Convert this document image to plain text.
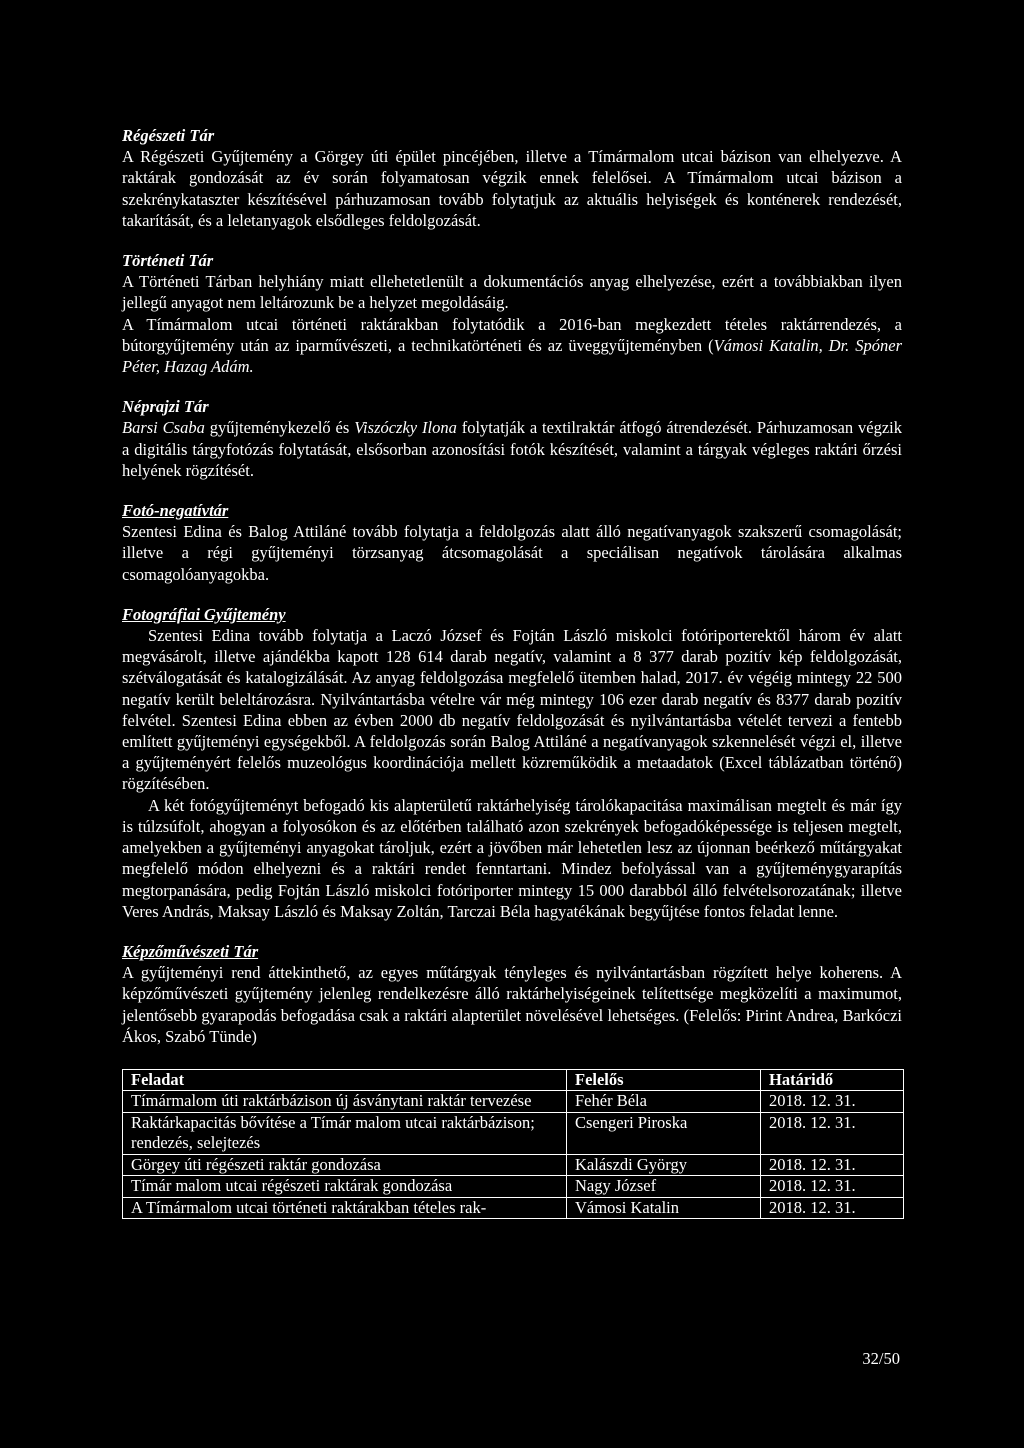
Régészeti Tár

A Régészeti Gyűjtemény a Görgey úti épület pincéjében, illetve a Tímármalom utcai bázison van elhelyezve. A raktárak gondozását az év során folyamatosan végzik ennek felelősei. A Tímármalom utcai bázison a szekrénykataszter készítésével párhuzamosan tovább folytatjuk az aktuális helyiségek és konténerek rendezését, takarítását, és a leletanyagok elsődleges feldolgozását.

Történeti Tár

A Történeti Tárban helyhiány miatt ellehetetlenült a dokumentációs anyag elhelyezése, ezért a továbbiakban ilyen jellegű anyagot nem leltározunk be a helyzet megoldásáig.

A Tímármalom utcai történeti raktárakban folytatódik a 2016-ban megkezdett tételes raktárrendezés, a bútorgyűjtemény után az iparművészeti, a technikatörténeti és az üveggyűjteményben (Vámosi Katalin, Dr. Spóner Péter, Hazag Adám.

Néprajzi Tár

Barsi Csaba gyűjteménykezelő és Viszóczky Ilona folytatják a textilraktár átfogó átrendezését. Párhuzamosan végzik a digitális tárgyfotózás folytatását, elsősorban azonosítási fotók készítését, valamint a tárgyak végleges raktári őrzési helyének rögzítését.

Fotó-negatívtár

Szentesi Edina és Balog Attiláné tovább folytatja a feldolgozás alatt álló negatívanyagok szakszerű csomagolását; illetve a régi gyűjteményi törzsanyag átcsomagolását a speciálisan negatívok tárolására alkalmas csomagolóanyagokba.

Fotográfiai Gyűjtemény

Szentesi Edina tovább folytatja a Laczó József és Fojtán László miskolci fotóriporterektől három év alatt megvásárolt, illetve ajándékba kapott 128 614 darab negatív, valamint a 8 377 darab pozitív kép feldolgozását, szétválogatását és katalogizálását. Az anyag feldolgozása megfelelő ütemben halad, 2017. év végéig mintegy 22 500 negatív került beleltározásra. Nyilvántartásba vételre vár még mintegy 106 ezer darab negatív és 8377 darab pozitív felvétel. Szentesi Edina ebben az évben 2000 db negatív feldolgozását és nyilvántartásba vételét tervezi a fentebb említett gyűjteményi egységekből. A feldolgozás során Balog Attiláné a negatívanyagok szkennelését végzi el, illetve a gyűjteményért felelős muzeológus koordinációja mellett közreműködik a metaadatok (Excel táblázatban történő) rögzítésében.

A két fotógyűjteményt befogadó kis alapterületű raktárhelyiség tárolókapacitása maximálisan megtelt és már így is túlzsúfolt, ahogyan a folyosókon és az előtérben található azon szekrények befogadóképessége is teljesen megtelt, amelyekben a gyűjteményi anyagokat tároljuk, ezért a jövőben már lehetetlen lesz az újonnan beérkező műtárgyakat megfelelő módon elhelyezni és a raktári rendet fenntartani. Mindez befolyással van a gyűjteménygyarapítás megtorpanására, pedig Fojtán László miskolci fotóriporter mintegy 15 000 darabból álló felvételsorozatának; illetve Veres András, Maksay László és Maksay Zoltán, Tarczai Béla hagyatékának begyűjtése fontos feladat lenne.

Képzőművészeti Tár

A gyűjteményi rend áttekinthető, az egyes műtárgyak tényleges és nyilvántartásban rögzített helye koherens. A képzőművészeti gyűjtemény jelenleg rendelkezésre álló raktárhelyiségeinek telítettsége megközelíti a maximumot, jelentősebb gyarapodás befogadása csak a raktári alapterület növelésével lehetséges. (Felelős: Pirint Andrea, Barkóczi Ákos, Szabó Tünde)

Feladat	Felelős	Határidő
Tímármalom úti raktárbázison új ásványtani raktár tervezése	Fehér Béla	2018. 12. 31.
Raktárkapacitás bővítése a Tímár malom utcai raktárbázison; rendezés, selejtezés	Csengeri Piroska	2018. 12. 31.
Görgey úti régészeti raktár gondozása	Kalászdi György	2018. 12. 31.
Tímár malom utcai régészeti raktárak gondozása	Nagy József	2018. 12. 31.
A Tímármalom utcai történeti raktárakban tételes rak-	Vámosi Katalin	2018. 12. 31.
32/50
